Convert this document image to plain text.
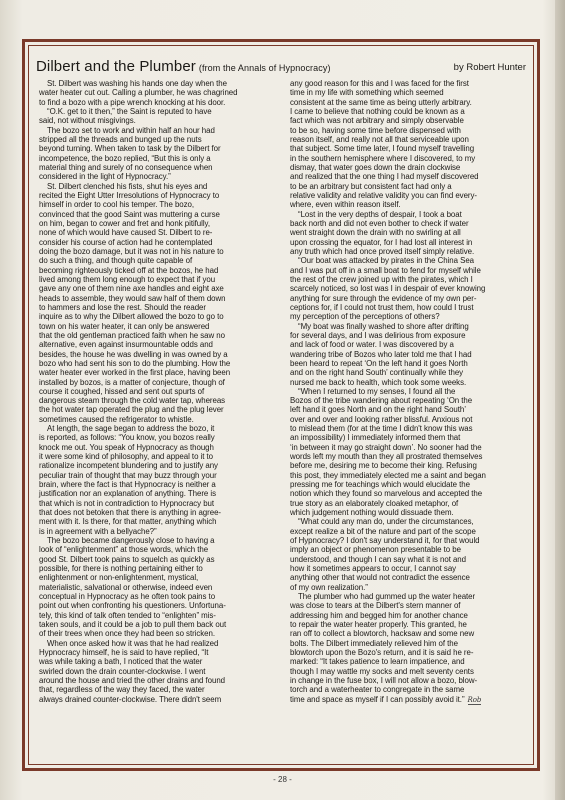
Dilbert and the Plumber (from the Annals of Hypnocracy)	by Robert Hunter
St. Dilbert was washing his hands one day when the
water heater cut out. Calling a plumber, he was chagrined
to find a bozo with a pipe wrench knocking at his door.
“O.K. get to it then,” the Saint is reputed to have
said, not without misgivings.
The bozo set to work and within half an hour had
stripped all the threads and bunged up the nuts
beyond turning. When taken to task by the Dilbert for
incompetence, the bozo replied, “But this is only a
material thing and surely of no consequence when
considered in the light of Hypnocracy.”
St. Dilbert clenched his fists, shut his eyes and
recited the Eight Utter Irresolutions of Hypnocracy to
himself in order to cool his temper. The bozo,
convinced that the good Saint was muttering a curse
on him, began to cower and fret and honk pitifully,
none of which would have caused St. Dilbert to re-
consider his course of action had he contemplated
doing the bozo damage, but it was not in his nature to
do such a thing, and though quite capable of
becoming righteously ticked off at the bozos, he had
lived among them long enough to expect that if you
gave any one of them nine axe handles and eight axe
heads to assemble, they would saw half of them down
to hammers and lose the rest. Should the reader
inquire as to why the Dilbert allowed the bozo to go to
town on his water heater, it can only be answered
that the old gentleman practiced faith when he saw no
alternative, even against insurmountable odds and
besides, the house he was dwelling in was owned by a
bozo who had sent his son to do the plumbing. How the
water heater ever worked in the first place, having been
installed by bozos, is a matter of conjecture, though of
course it coughed, hissed and sent out spurts of
dangerous steam through the cold water tap, whereas
the hot water tap operated the plug and the plug lever
sometimes caused the refrigerator to whistle.
At length, the sage began to address the bozo, it
is reported, as follows: “You know, you bozos really
knock me out. You speak of Hypnocracy as though
it were some kind of philosophy, and appeal to it to
rationalize incompetent blundering and to justify any
peculiar train of thought that may buzz through your
brain, where the fact is that Hypnocracy is neither a
justification nor an explanation of anything. There is
that which is not in contradiction to Hypnocracy but
that does not betoken that there is anything in agree-
ment with it. Is there, for that matter, anything which
is in agreement with a bellyache?”
The bozo became dangerously close to having a
look of “enlightenment” at those words, which the
good St. Dilbert took pains to squelch as quickly as
possible, for there is nothing pertaining either to
enlightenment or non-enlightenment, mystical,
materialistic, salvational or otherwise, indeed even
conceptual in Hypnocracy as he often took pains to
point out when confronting his questioners. Unfortuna-
tely, this kind of talk often tended to “enlighten” mis-
taken souls, and it could be a job to pull them back out
of their trees when once they had been so stricken.
When once asked how it was that he had realized
Hypnocracy himself, he is said to have replied, “It
was while taking a bath, I noticed that the water
swirled down the drain counter-clockwise. I went
around the house and tried the other drains and found
that, regardless of the way they faced, the water
always drained counter-clockwise. There didn't seem
any good reason for this and I was faced for the first
time in my life with something which seemed
consistent at the same time as being utterly arbitrary.
I came to believe that nothing could be known as a
fact which was not arbitrary and simply observable
to be so, having some time before dispensed with
reason itself, and really not all that serviceable upon
that subject. Some time later, I found myself travelling
in the southern hemisphere where I discovered, to my
dismay, that water goes down the drain clockwise
and realized that the one thing I had myself discovered
to be an arbitrary but consistent fact had only a
relative validity and relative validity you can find every-
where, even within reason itself.
“Lost in the very depths of despair, I took a boat
back north and did not even bother to check if water
went straight down the drain with no swirling at all
upon crossing the equator, for I had lost all interest in
any truth which had once proved itself simply relative.
“Our boat was attacked by pirates in the China Sea
and I was put off in a small boat to fend for myself while
the rest of the crew joined up with the pirates, which I
scarcely noticed, so lost was I in despair of ever knowing
anything for sure through the evidence of my own per-
ceptions for, if I could not trust them, how could I trust
my perception of the perceptions of others?
“My boat was finally washed to shore after drifting
for several days, and I was delirious from exposure
and lack of food or water. I was discovered by a
wandering tribe of Bozos who later told me that I had
been heard to repeat ‘On the left hand it goes North
and on the right hand South’ continually while they
nursed me back to health, which took some weeks.
“When I returned to my senses, I found all the
Bozos of the tribe wandering about repeating ‘On the
left hand it goes North and on the right hand South’
over and over and looking rather blissful. Anxious not
to mislead them (for at the time I didn't know this was
an impossibility) I immediately informed them that
‘in between it may go straight down’. No sooner had the
words left my mouth than they all prostrated themselves
before me, desiring me to become their king. Refusing
this post, they immediately elected me a saint and began
pressing me for teachings which would elucidate the
notion which they found so marvelous and accepted the
true story as an elaborately cloaked metaphor, of
which judgement nothing would dissuade them.
“What could any man do, under the circumstances,
except realize a bit of the nature and part of the scope
of Hypnocracy? I don't say understand it, for that would
imply an object or phenomenon presentable to be
understood, and though I can say what it is not and
how it sometimes appears to occur, I cannot say
anything other that would not contradict the essence
of my own realization.”
The plumber who had gummed up the water heater
was close to tears at the Dilbert's stern manner of
addressing him and begged him for another chance
to repair the water heater properly. This granted, he
ran off to collect a blowtorch, hacksaw and some new
bolts. The Dilbert immediately relieved him of the
blowtorch upon the Bozo's return, and it is said he re-
marked: “It takes patience to learn impatience, and
though I may wattle my socks and melt seventy cents
in change in the fuse box, I will not allow a bozo, blow-
torch and a waterheater to congregate in the same
time and space as myself if I can possibly avoid it.” Rob
- 28 -
